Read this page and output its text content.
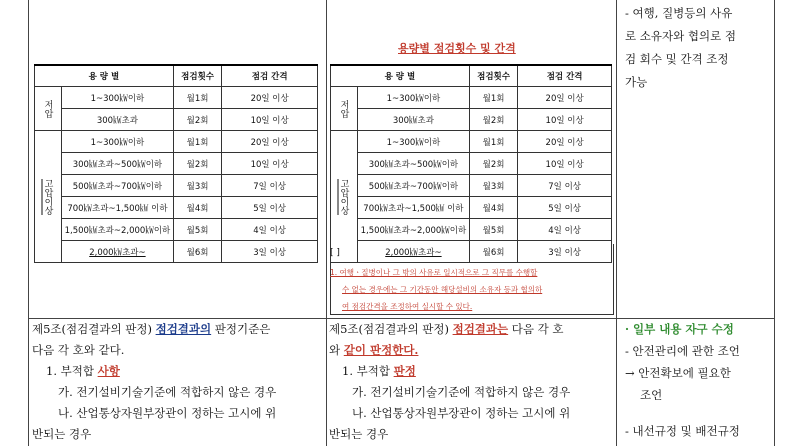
용 량 별		점검횟수	점검 간격
저압	1~300㎾이하	월1회	20일 이상
	300㎾초과	월2회	10일 이상
고압이상	1~300㎾이하	월1회	20일 이상
	300㎾초과~500㎾이하	월2회	10일 이상
	500㎾초과~700㎾이하	월3회	7일 이상
	700㎾초과~1,500㎾ 이하	월4회	5일 이상
	1,500㎾초과~2,000㎾이하	월5회	4일 이상
	2,000㎾초과~	월6회	3일 이상
용량별 점검횟수 및 간격
용 량 별		점검횟수	점검 간격
저압	1~300㎾이하	월1회	20일 이상
	300㎾초과	월2회	10일 이상
고압이상	1~300㎾이하	월1회	20일 이상
	300㎾초과~500㎾이하	월2회	10일 이상
	500㎾초과~700㎾이하	월3회	7일 이상
	700㎾초과~1,500㎾ 이하	월4회	5일 이상
	1,500㎾초과~2,000㎾이하	월5회	4일 이상
	2,000㎾초과~	월6회	3일 이상
[ ]
1. 여행ㆍ질병이나 그 밖의 사유로 일시적으로 그 직무를 수행할
수 없는 경우에는 그 기간동안 해당설비의 소유자 등과 협의하
여 점검간격을 조정하여 실시할 수 있다.
- 여행, 질병등의 사유
로 소유자와 협의로 점
검 회수 및 간격 조정
가능
제5조(점검결과의 판정) 점검결과의 판정기준은
다음 각 호와 같다.
1. 부적합 사항
가. 전기설비기술기준에 적합하지 않은 경우
나. 산업통상자원부장관이 정하는 고시에 위
반되는 경우
제5조(점검결과의 판정) 점검결과는 다음 각 호
와 같이 판정한다.
1. 부적합 판정
가. 전기설비기술기준에 적합하지 않은 경우
나. 산업통상자원부장관이 정하는 고시에 위
반되는 경우
· 일부 내용 자구 수정
- 안전관리에 관한 조언
→ 안전확보에 필요한
조언
- 내선규정 및 배전규정
